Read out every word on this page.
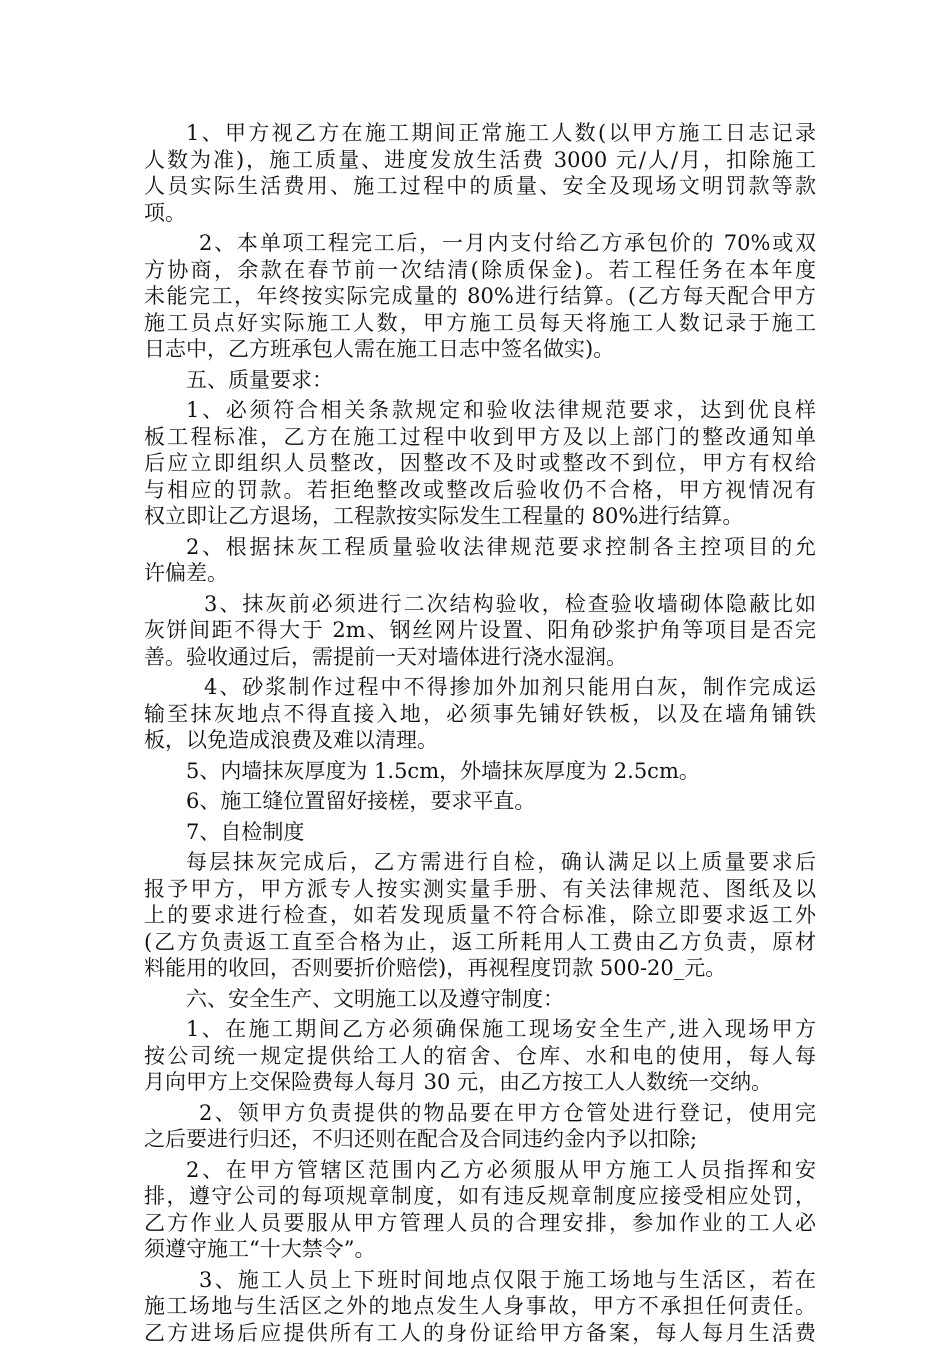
1、甲方视乙方在施工期间正常施工人数(以甲方施工日志记录
人数为准)，施工质量、进度发放生活费 3000 元/人/月，扣除施工
人员实际生活费用、施工过程中的质量、安全及现场文明罚款等款
项。
2、本单项工程完工后，一月内支付给乙方承包价的 70%或双
方协商，余款在春节前一次结清(除质保金)。若工程任务在本年度
未能完工，年终按实际完成量的 80%进行结算。(乙方每天配合甲方
施工员点好实际施工人数，甲方施工员每天将施工人数记录于施工
日志中，乙方班承包人需在施工日志中签名做实)。
五、质量要求：
1、必须符合相关条款规定和验收法律规范要求，达到优良样
板工程标准，乙方在施工过程中收到甲方及以上部门的整改通知单
后应立即组织人员整改，因整改不及时或整改不到位，甲方有权给
与相应的罚款。若拒绝整改或整改后验收仍不合格，甲方视情况有
权立即让乙方退场，工程款按实际发生工程量的 80%进行结算。
2、根据抹灰工程质量验收法律规范要求控制各主控项目的允
许偏差。
3、抹灰前必须进行二次结构验收，检查验收墙砌体隐蔽比如
灰饼间距不得大于 2m、钢丝网片设置、阳角砂浆护角等项目是否完
善。验收通过后，需提前一天对墙体进行浇水湿润。
4、砂浆制作过程中不得掺加外加剂只能用白灰，制作完成运
输至抹灰地点不得直接入地，必须事先铺好铁板，以及在墙角铺铁
板，以免造成浪费及难以清理。
5、内墙抹灰厚度为 1.5cm，外墙抹灰厚度为 2.5cm。
6、施工缝位置留好接槎，要求平直。
7、自检制度
每层抹灰完成后，乙方需进行自检，确认满足以上质量要求后
报予甲方，甲方派专人按实测实量手册、有关法律规范、图纸及以
上的要求进行检查，如若发现质量不符合标准，除立即要求返工外
(乙方负责返工直至合格为止，返工所耗用人工费由乙方负责，原材
料能用的收回，否则要折价赔偿)，再视程度罚款 500-20_元。
六、安全生产、文明施工以及遵守制度：
1、在施工期间乙方必须确保施工现场安全生产,进入现场甲方
按公司统一规定提供给工人的宿舍、仓库、水和电的使用，每人每
月向甲方上交保险费每人每月 30 元，由乙方按工人人数统一交纳。
2、领甲方负责提供的物品要在甲方仓管处进行登记，使用完
之后要进行归还，不归还则在配合及合同违约金内予以扣除;
2、在甲方管辖区范围内乙方必须服从甲方施工人员指挥和安
排，遵守公司的每项规章制度，如有违反规章制度应接受相应处罚，
乙方作业人员要服从甲方管理人员的合理安排，参加作业的工人必
须遵守施工“十大禁令”。
3、施工人员上下班时间地点仅限于施工场地与生活区，若在
施工场地与生活区之外的地点发生人身事故，甲方不承担任何责任。
乙方进场后应提供所有工人的身份证给甲方备案，每人每月生活费
